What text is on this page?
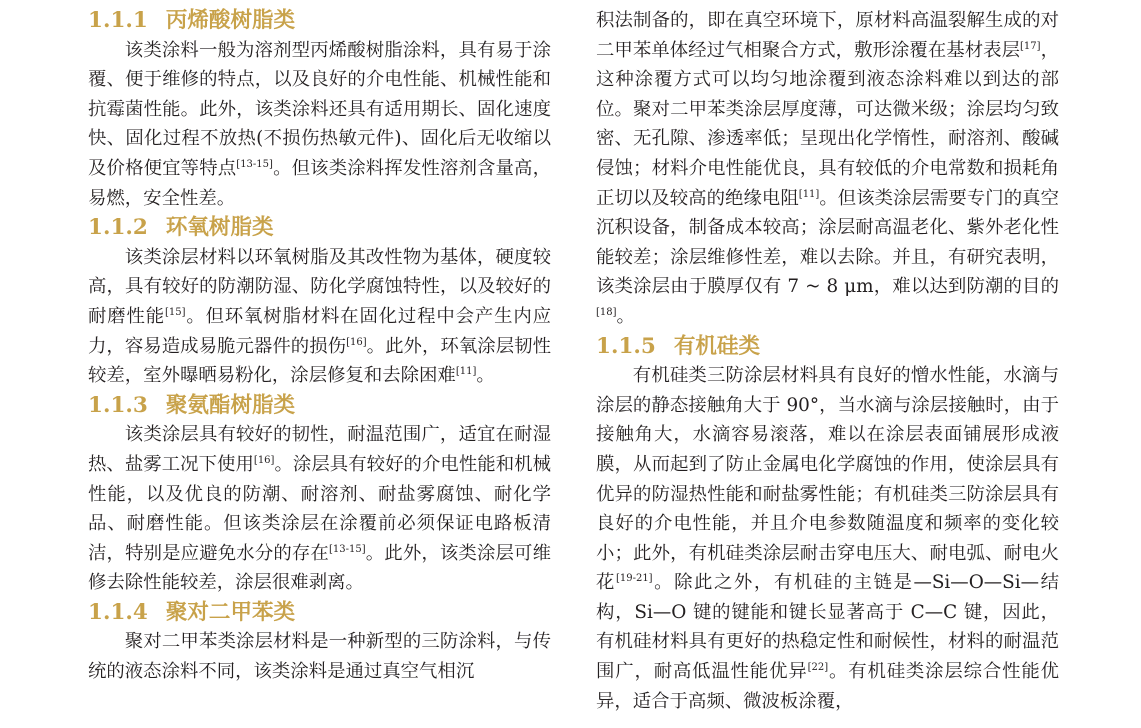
1.1.1 丙烯酸树脂类

该类涂料一般为溶剂型丙烯酸树脂涂料，具有易于涂覆、便于维修的特点，以及良好的介电性能、机械性能和抗霉菌性能。此外，该类涂料还具有适用期长、固化速度快、固化过程不放热(不损伤热敏元件)、固化后无收缩以及价格便宜等特点[13-15]。但该类涂料挥发性溶剂含量高，易燃，安全性差。

1.1.2 环氧树脂类

该类涂层材料以环氧树脂及其改性物为基体，硬度较高，具有较好的防潮防湿、防化学腐蚀特性，以及较好的耐磨性能[15]。但环氧树脂材料在固化过程中会产生内应力，容易造成易脆元器件的损伤[16]。此外，环氧涂层韧性较差，室外曝晒易粉化，涂层修复和去除困难[11]。

1.1.3 聚氨酯树脂类

该类涂层具有较好的韧性，耐温范围广，适宜在耐湿热、盐雾工况下使用[16]。涂层具有较好的介电性能和机械性能，以及优良的防潮、耐溶剂、耐盐雾腐蚀、耐化学品、耐磨性能。但该类涂层在涂覆前必须保证电路板清洁，特别是应避免水分的存在[13-15]。此外，该类涂层可维修去除性能较差，涂层很难剥离。

1.1.4 聚对二甲苯类

聚对二甲苯类涂层材料是一种新型的三防涂料，与传统的液态涂料不同，该类涂料是通过真空气相沉

积法制备的，即在真空环境下，原材料高温裂解生成的对二甲苯单体经过气相聚合方式，敷形涂覆在基材表层[17]，这种涂覆方式可以均匀地涂覆到液态涂料难以到达的部位。聚对二甲苯类涂层厚度薄，可达微米级；涂层均匀致密、无孔隙、渗透率低；呈现出化学惰性，耐溶剂、酸碱侵蚀；材料介电性能优良，具有较低的介电常数和损耗角正切以及较高的绝缘电阻[11]。但该类涂层需要专门的真空沉积设备，制备成本较高；涂层耐高温老化、紫外老化性能较差；涂层维修性差，难以去除。并且，有研究表明，该类涂层由于膜厚仅有 7 ~ 8 μm，难以达到防潮的目的[18]。

1.1.5 有机硅类

有机硅类三防涂层材料具有良好的憎水性能，水滴与涂层的静态接触角大于 90°，当水滴与涂层接触时，由于接触角大，水滴容易滚落，难以在涂层表面铺展形成液膜，从而起到了防止金属电化学腐蚀的作用，使涂层具有优异的防湿热性能和耐盐雾性能；有机硅类三防涂层具有良好的介电性能，并且介电参数随温度和频率的变化较小；此外，有机硅类涂层耐击穿电压大、耐电弧、耐电火花[19-21]。除此之外，有机硅的主链是—Si—O—Si—结构，Si—O 键的键能和键长显著高于 C—C 键，因此，有机硅材料具有更好的热稳定性和耐候性，材料的耐温范围广，耐高低温性能优异[22]。有机硅类涂层综合性能优异，适合于高频、微波板涂覆，
